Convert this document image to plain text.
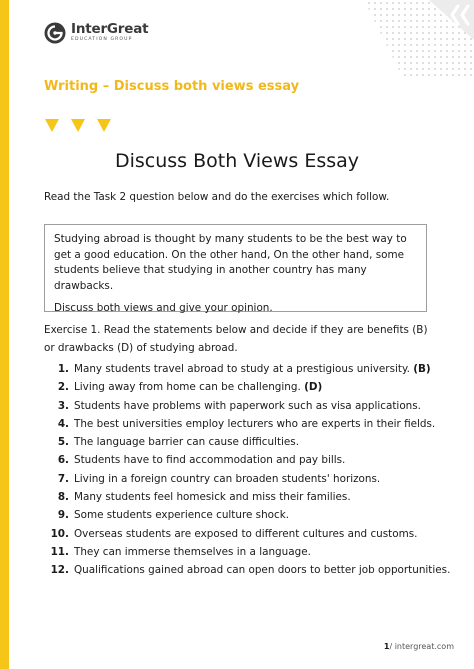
InterGreat
EDUCATION GROUP
Writing – Discuss both views essay
Discuss Both Views Essay
Read the Task 2 question below and do the exercises which follow.

Studying abroad is thought by many students to be the best way to get a good education. On the other hand, On the other hand, some students believe that studying in another country has many drawbacks.

Discuss both views and give your opinion.

Exercise 1. Read the statements below and decide if they are benefits (B) or drawbacks (D) of studying abroad.
1. Many students travel abroad to study at a prestigious university. (B)
2. Living away from home can be challenging. (D)
3. Students have problems with paperwork such as visa applications.
4. The best universities employ lecturers who are experts in their fields.
5. The language barrier can cause difficulties.
6. Students have to find accommodation and pay bills.
7. Living in a foreign country can broaden students' horizons.
8. Many students feel homesick and miss their families.
9. Some students experience culture shock.
10. Overseas students are exposed to different cultures and customs.
11. They can immerse themselves in a language.
12. Qualifications gained abroad can open doors to better job opportunities.
1/ intergreat.com
